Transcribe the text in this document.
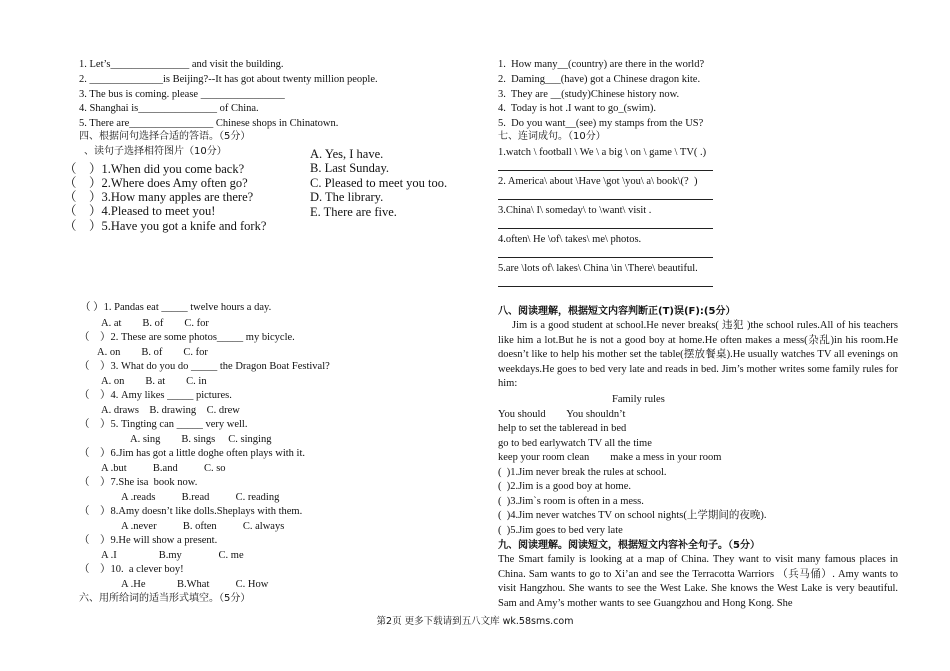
1. Let’s_______________ and visit the building.
2. ______________is Beijing?--It has got about twenty million people.
3. The bus is coming. please ________________
4. Shanghai is_______________ of China.
5. There are________________ Chinese shops in Chinatown.
四、根据问句选择合适的答语。（5分）
、读句子选择相符图片（10分）
（    ）1.When did you come back?
（    ）2.Where does Amy often go?
（    ）3.How many apples are there?
（    ）4.Pleased to meet you!
（    ）5.Have you got a knife and fork?
A. Yes, I have.
B. Last Sunday.
C. Pleased to meet you too.
D. The library.
E. There are five.
（ ）1. Pandas eat _____ twelve hours a day.
A. at        B. of        C. for
（    ）2. These are some photos_____ my bicycle.
A. on        B. of        C. for
（    ）3. What do you do _____ the Dragon Boat Festival?
A. on        B. at        C. in
（    ）4. Amy likes _____ pictures.
A. draws    B. drawing    C. drew
（    ）5. Tingting can _____ very well.
A. sing        B. sings     C. singing
（    ）6.Jim has got a little doghe often plays with it.
A .but          B.and          C. so
（    ）7.She isa  book now.
A .reads          B.read          C. reading
（    ）8.Amy doesn’t like dolls.Sheplays with them.
A .never          B. often          C. always
（    ）9.He will show a present.
A .I                B.my              C. me
（    ）10.  a clever boy!
A .He            B.What          C. How
六、用所给词的适当形式填空。（5分）
1.  How many__(country) are there in the world?
2.  Daming___(have) got a Chinese dragon kite.
3.  They are __(study)Chinese history now.
4.  Today is hot .I want to go_(swim).
5.  Do you want__(see) my stamps from the US?
七、连词成句。（10分）
1.watch \ football \ We \ a big \ on \ game \ TV( .)
2. America\ about \Have \got \you\ a\ book\(?  )
3.China\ I\ someday\ to \want\ visit .
4.often\ He \of\ takes\ me\ photos.
5.are \lots of\ lakes\ China \in \There\ beautiful.
八、阅读理解，根据短文内容判断正(T)误(F):(5分）
Jim is a good student at school.He never breaks( 违犯 )the school rules.All of his teachers like him a lot.But he is not a good boy at home.He often makes a mess(杂乱)in his room.He doesn’t like to help his mother set the table(摆放餐桌).He usually watches TV all evenings on weekdays.He goes to bed very late and reads in bed. Jim’s mother writes some family rules for him:
Family rules
You should        You shouldn’t
help to set the tableread in bed
go to bed earlywatch TV all the time
keep your room clean        make a mess in your room
(  )1.Jim never break the rules at school.
(  )2.Jim is a good boy at home.
(  )3.Jim`s room is often in a mess.
(  )4.Jim never watches TV on school nights(上学期间的夜晚).
(  )5.Jim goes to bed very late
九、阅读理解。阅读短文，根据短文内容补全句子。（5分）
The Smart family is looking at a map of China. They want to visit many famous places in China. Sam wants to go to Xi’an and see the Terracotta Warriors （兵马俑）. Amy wants to visit Hangzhou. She wants to see the West Lake. She knows the West Lake is very beautiful. Sam and Amy’s mother wants to see Guangzhou and Hong Kong. She
第2页 更多下载请到五八文库 wk.58sms.com
